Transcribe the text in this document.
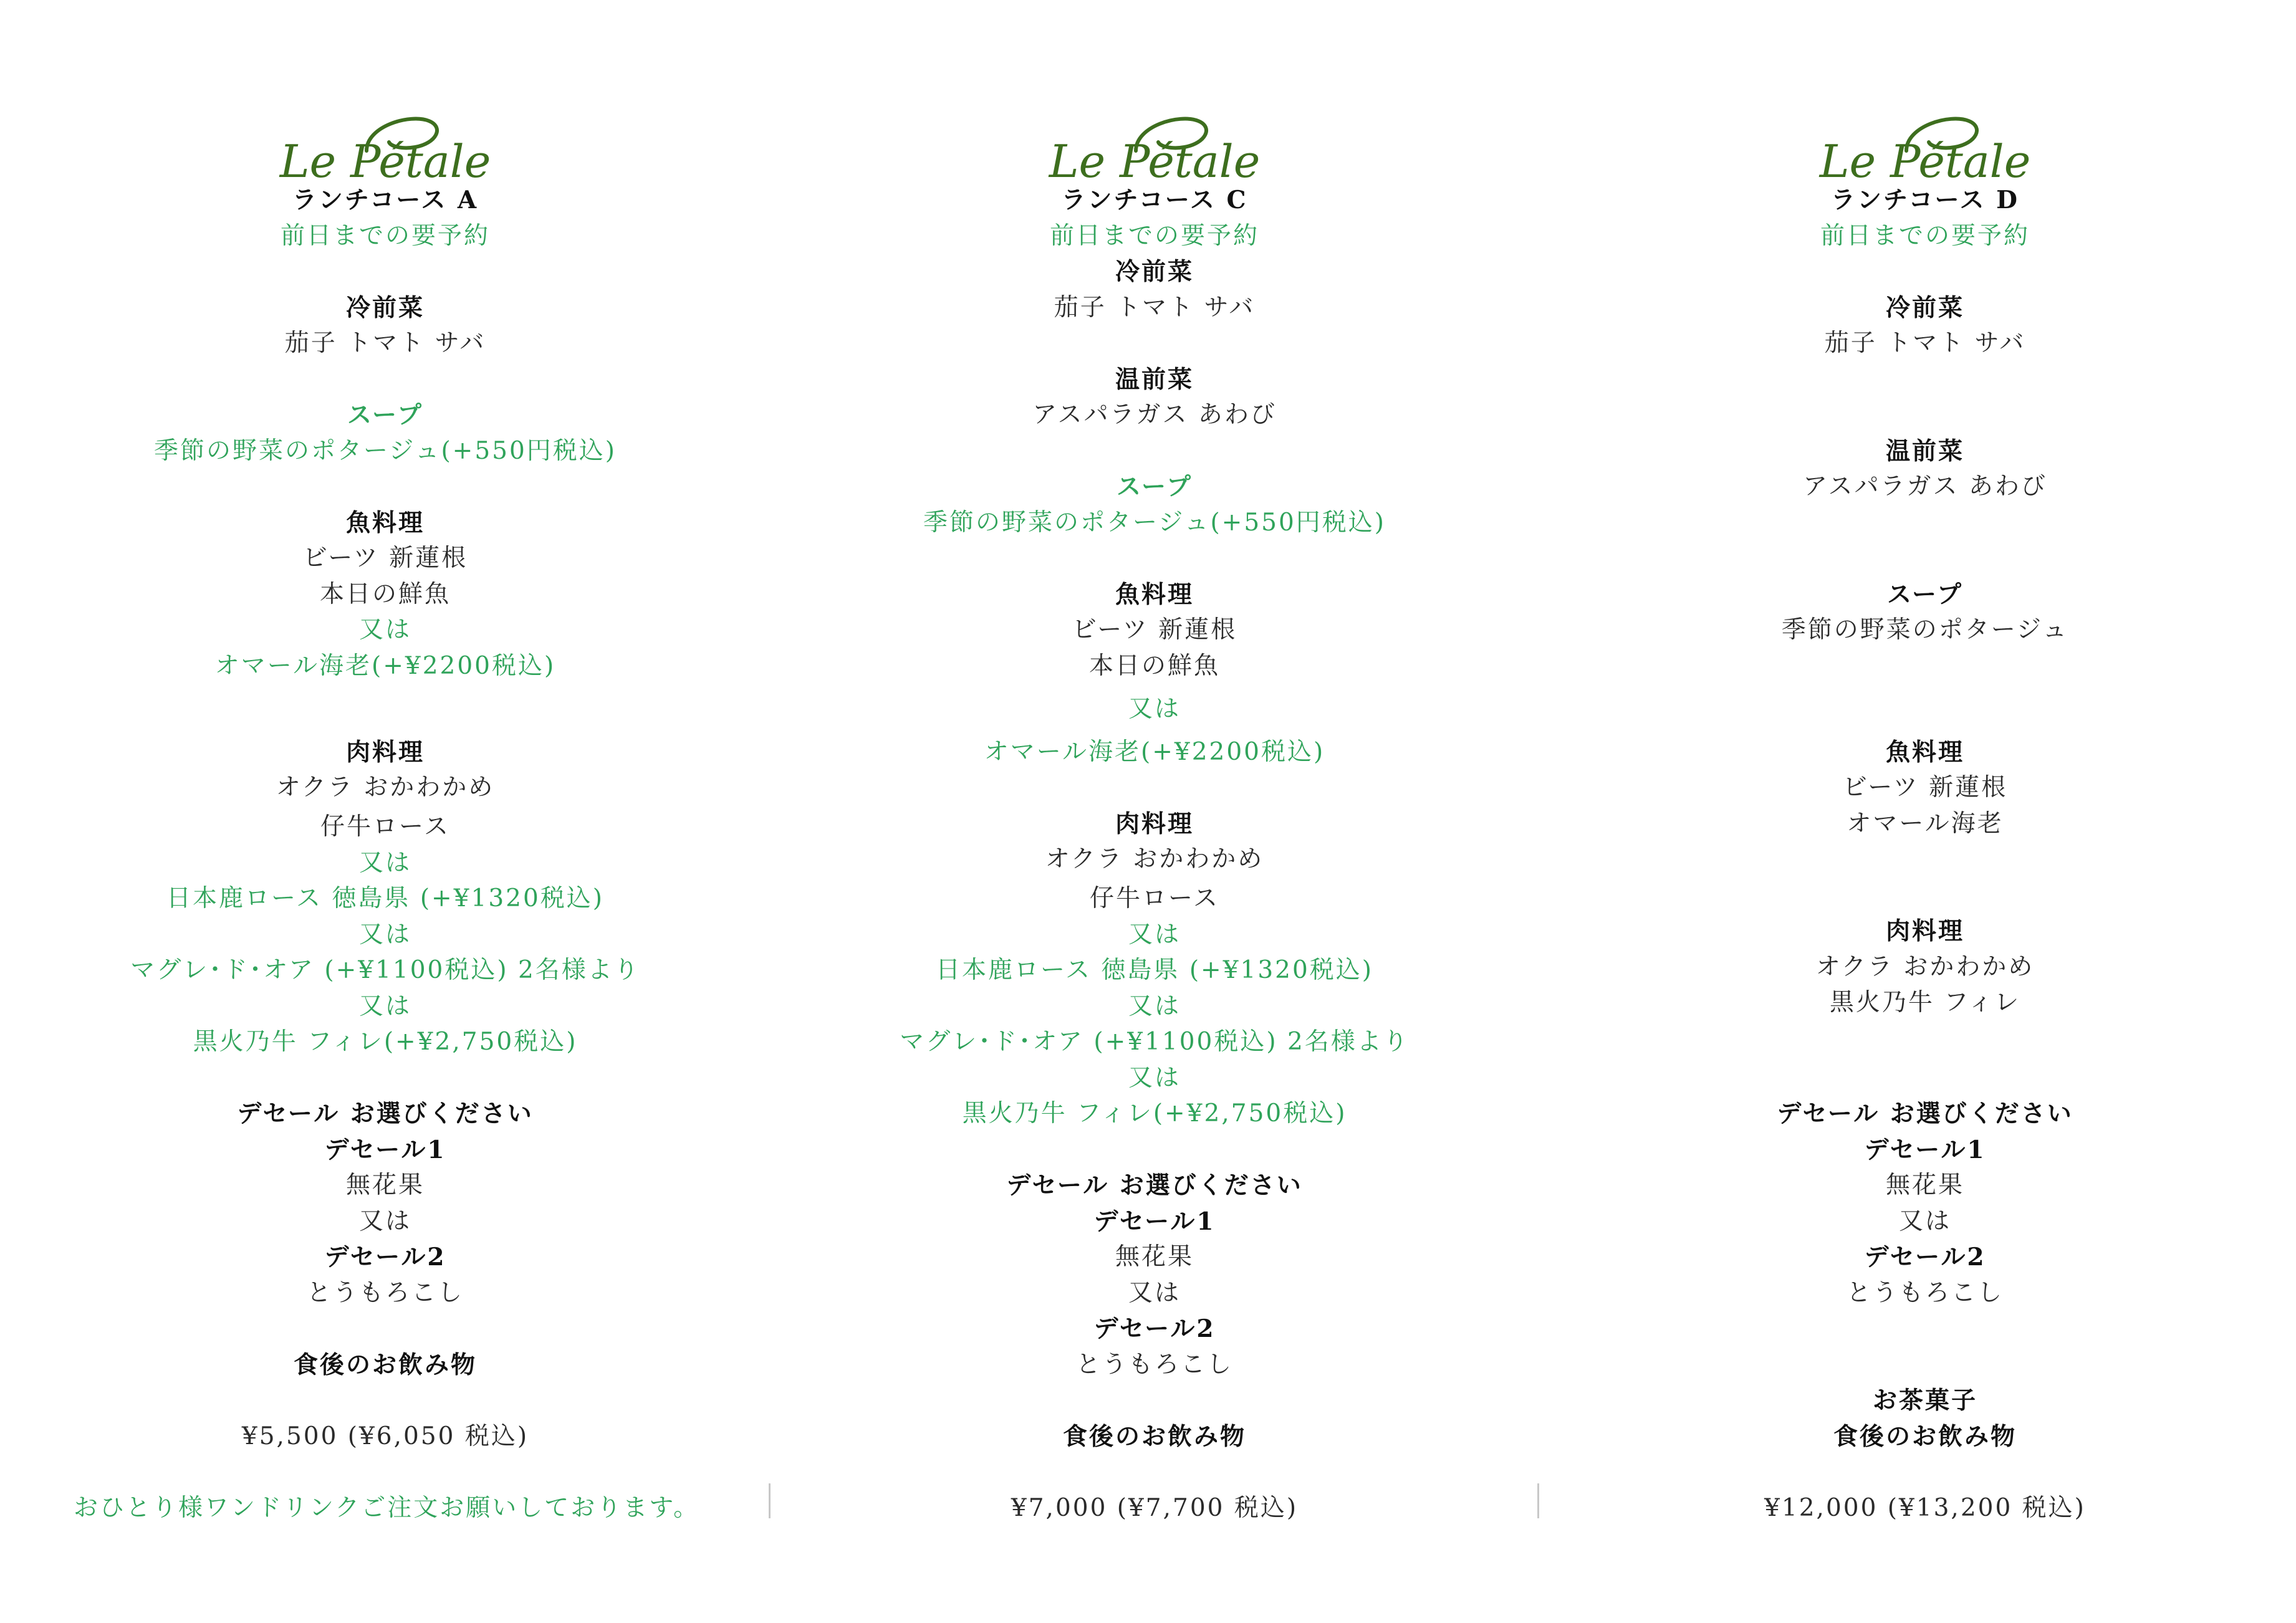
Le Pétale
ランチコース A
前日までの要予約
冷前菜
茄子 トマト サバ
スープ
季節の野菜のポタージュ(+550円税込)
魚料理
ビーツ 新蓮根
本日の鮮魚
又は
オマール海老(+¥2200税込)
肉料理
オクラ おかわかめ
仔牛ロース
又は
日本鹿ロース 徳島県 (+¥1320税込)
又は
マグレ･ド･オア (+¥1100税込) 2名様より
又は
黒火乃牛 フィレ(+¥2,750税込)
デセール お選びください
デセール1
無花果
又は
デセール2
とうもろこし
食後のお飲み物
¥5,500 (¥6,050 税込)
おひとり様ワンドリンクご注文お願いしております。
Le Pétale
ランチコース C
前日までの要予約
冷前菜
茄子 トマト サバ
温前菜
アスパラガス あわび
スープ
季節の野菜のポタージュ(+550円税込)
魚料理
ビーツ 新蓮根
本日の鮮魚
又は
オマール海老(+¥2200税込)
肉料理
オクラ おかわかめ
仔牛ロース
又は
日本鹿ロース 徳島県 (+¥1320税込)
又は
マグレ･ド･オア (+¥1100税込) 2名様より
又は
黒火乃牛 フィレ(+¥2,750税込)
デセール お選びください
デセール1
無花果
又は
デセール2
とうもろこし
食後のお飲み物
¥7,000 (¥7,700 税込)
Le Pétale
ランチコース D
前日までの要予約
冷前菜
茄子 トマト サバ
温前菜
アスパラガス あわび
スープ
季節の野菜のポタージュ
魚料理
ビーツ 新蓮根
オマール海老
肉料理
オクラ おかわかめ
黒火乃牛 フィレ
デセール お選びください
デセール1
無花果
又は
デセール2
とうもろこし
お茶菓子
食後のお飲み物
¥12,000 (¥13,200 税込)
